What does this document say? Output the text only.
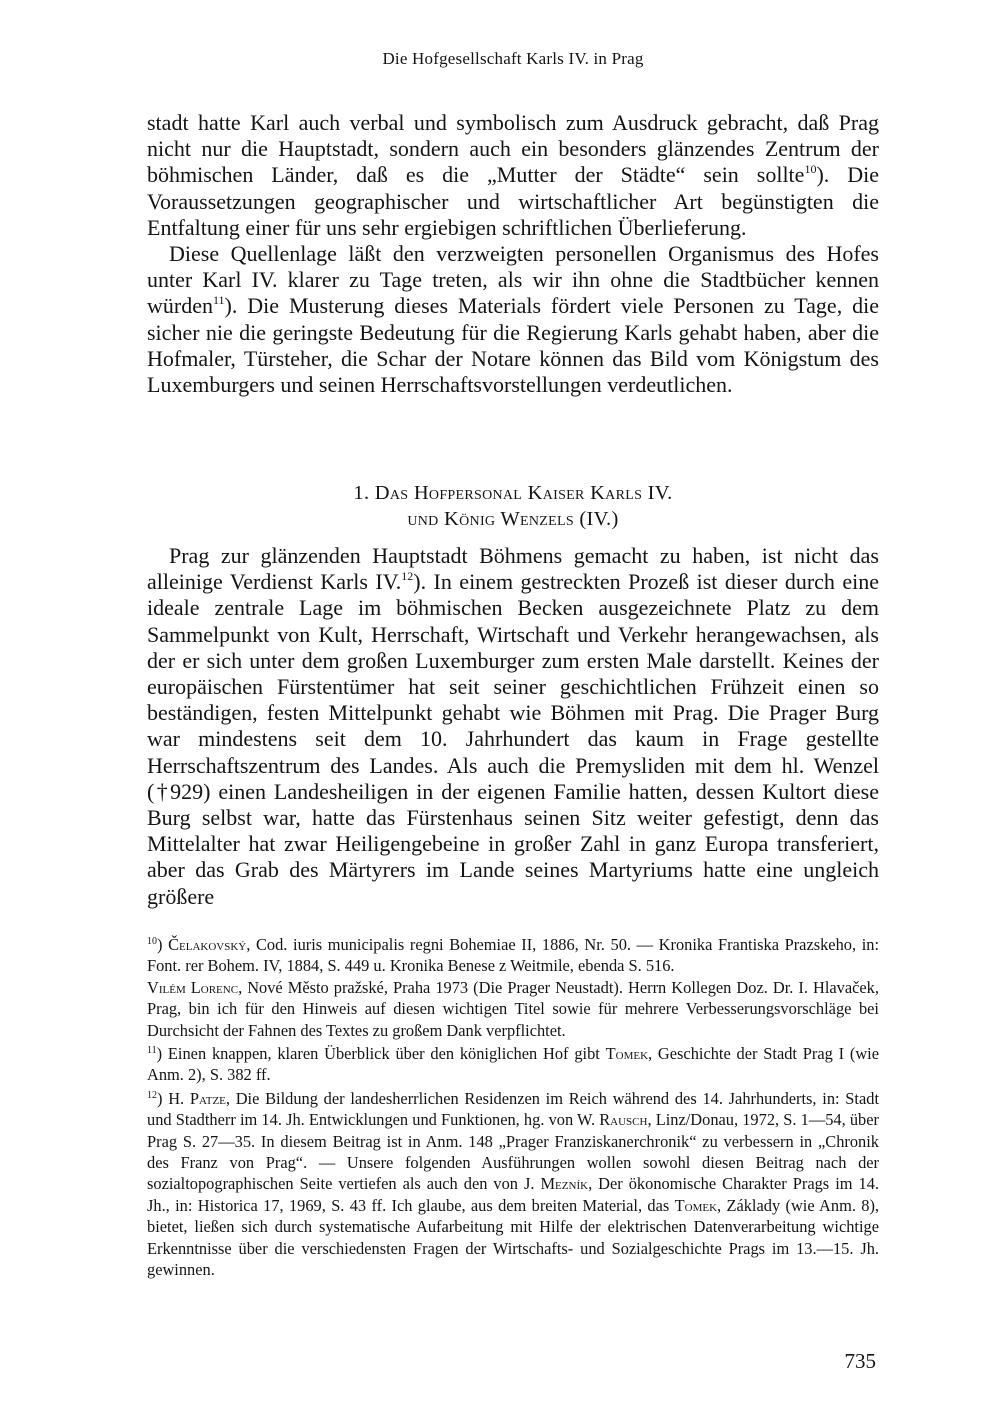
Die Hofgesellschaft Karls IV. in Prag

stadt hatte Karl auch verbal und symbolisch zum Ausdruck gebracht, daß Prag nicht nur die Hauptstadt, sondern auch ein besonders glänzendes Zentrum der böhmischen Länder, daß es die „Mutter der Städte“ sein sollte$^{10}$). Die Voraussetzungen geographischer und wirtschaftlicher Art begünstigten die Entfaltung einer für uns sehr ergiebigen schriftlichen Überlieferung.

Diese Quellenlage läßt den verzweigten personellen Organismus des Hofes unter Karl IV. klarer zu Tage treten, als wir ihn ohne die Stadtbücher kennen würden$^{11}$). Die Musterung dieses Materials fördert viele Personen zu Tage, die sicher nie die geringste Bedeutung für die Regierung Karls gehabt haben, aber die Hofmaler, Türsteher, die Schar der Notare können das Bild vom Königstum des Luxemburgers und seinen Herrschaftsvorstellungen verdeutlichen.

1. Das Hofpersonal Kaiser Karls IV.
und König Wenzels (IV.)

Prag zur glänzenden Hauptstadt Böhmens gemacht zu haben, ist nicht das alleinige Verdienst Karls IV.$^{12}$). In einem gestreckten Prozeß ist dieser durch eine ideale zentrale Lage im böhmischen Becken ausgezeichnete Platz zu dem Sammelpunkt von Kult, Herrschaft, Wirtschaft und Verkehr herangewachsen, als der er sich unter dem großen Luxemburger zum ersten Male darstellt. Keines der europäischen Fürstentümer hat seit seiner geschichtlichen Frühzeit einen so beständigen, festen Mittelpunkt gehabt wie Böhmen mit Prag. Die Prager Burg war mindestens seit dem 10. Jahrhundert das kaum in Frage gestellte Herrschaftszentrum des Landes. Als auch die Premysliden mit dem hl. Wenzel (†929) einen Landesheiligen in der eigenen Familie hatten, dessen Kultort diese Burg selbst war, hatte das Fürstenhaus seinen Sitz weiter gefestigt, denn das Mittelalter hat zwar Heiligengebeine in großer Zahl in ganz Europa transferiert, aber das Grab des Märtyrers im Lande seines Martyriums hatte eine ungleich größere

$^{10}$) Čelakovský, Cod. iuris municipalis regni Bohemiae II, 1886, Nr. 50. — Kronika Frantiska Prazskeho, in: Font. rer Bohem. IV, 1884, S. 449 u. Kronika Benese z Weitmile, ebenda S. 516.
Vilém Lorenc, Nové Město pražské, Praha 1973 (Die Prager Neustadt). Herrn Kollegen Doz. Dr. I. Hlavaček, Prag, bin ich für den Hinweis auf diesen wichtigen Titel sowie für mehrere Verbesserungsvorschläge bei Durchsicht der Fahnen des Textes zu großem Dank verpflichtet.

$^{11}$) Einen knappen, klaren Überblick über den königlichen Hof gibt Tomek, Geschichte der Stadt Prag I (wie Anm. 2), S. 382 ff.

$^{12}$) H. Patze, Die Bildung der landesherrlichen Residenzen im Reich während des 14. Jahrhunderts, in: Stadt und Stadtherr im 14. Jh. Entwicklungen und Funktionen, hg. von W. Rausch, Linz/Donau, 1972, S. 1—54, über Prag S. 27—35. In diesem Beitrag ist in Anm. 148 „Prager Franziskanerchronik“ zu verbessern in „Chronik des Franz von Prag“. — Unsere folgenden Ausführungen wollen sowohl diesen Beitrag nach der sozialtopographischen Seite vertiefen als auch den von J. Mezník, Der ökonomische Charakter Prags im 14. Jh., in: Historica 17, 1969, S. 43 ff. Ich glaube, aus dem breiten Material, das Tomek, Základy (wie Anm. 8), bietet, ließen sich durch systematische Aufarbeitung mit Hilfe der elektrischen Datenverarbeitung wichtige Erkenntnisse über die verschiedensten Fragen der Wirtschafts- und Sozialgeschichte Prags im 13.—15. Jh. gewinnen.

735
